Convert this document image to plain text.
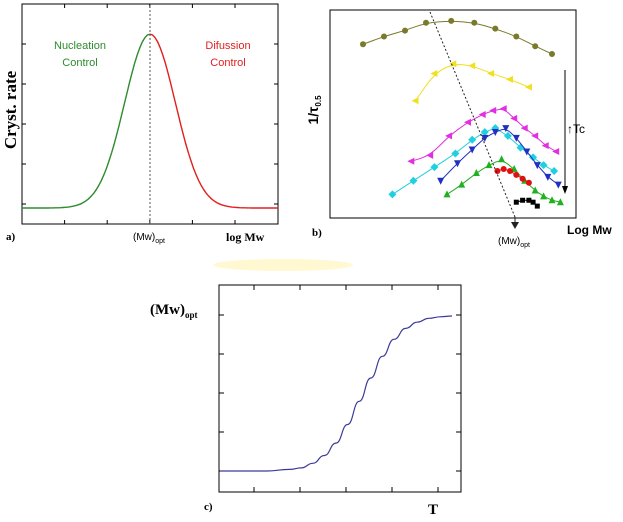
Nucleation
Control
Difussion
Control
Cryst. rate
a)	$(Mw)_{opt}$	log Mw
↑Tc
$1/\tau_{0.5}$
b)
$(Mw)_{opt}$
Log Mw
$(Mw)_{opt}$
c)	T
